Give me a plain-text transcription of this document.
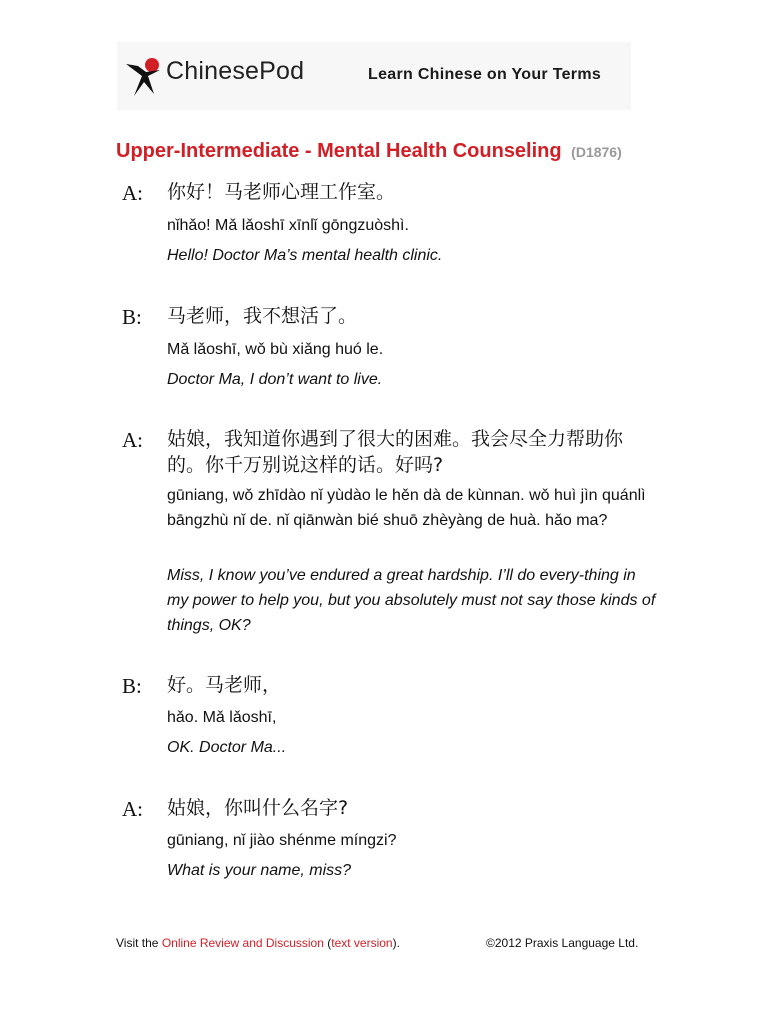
ChinesePod	Learn Chinese on Your Terms
Upper-Intermediate - Mental Health Counseling (D1876)
A: 你好！马老师心理工作室。
nǐhǎo! Mǎ lǎoshī xīnlǐ gōngzuòshì.
Hello! Doctor Ma’s mental health clinic.
B: 马老师，我不想活了。
Mǎ lǎoshī, wǒ bù xiǎng huó le.
Doctor Ma, I don’t want to live.
A: 姑娘，我知道你遇到了很大的困难。我会尽全力帮助你的。你千万别说这样的话。好吗?
gūniang, wǒ zhīdào nǐ yùdào le hěn dà de kùnnan. wǒ huì jìn quánlì bāngzhù nǐ de. nǐ qiānwàn bié shuō zhèyàng de huà. hǎo ma?
Miss, I know you’ve endured a great hardship. I’ll do every-thing in my power to help you, but you absolutely must not say those kinds of things, OK?
B: 好。马老师，
hǎo. Mǎ lǎoshī,
OK. Doctor Ma...
A: 姑娘，你叫什么名字?
gūniang, nǐ jiào shénme míngzi?
What is your name, miss?
Visit the Online Review and Discussion (text version).	©2012 Praxis Language Ltd.
